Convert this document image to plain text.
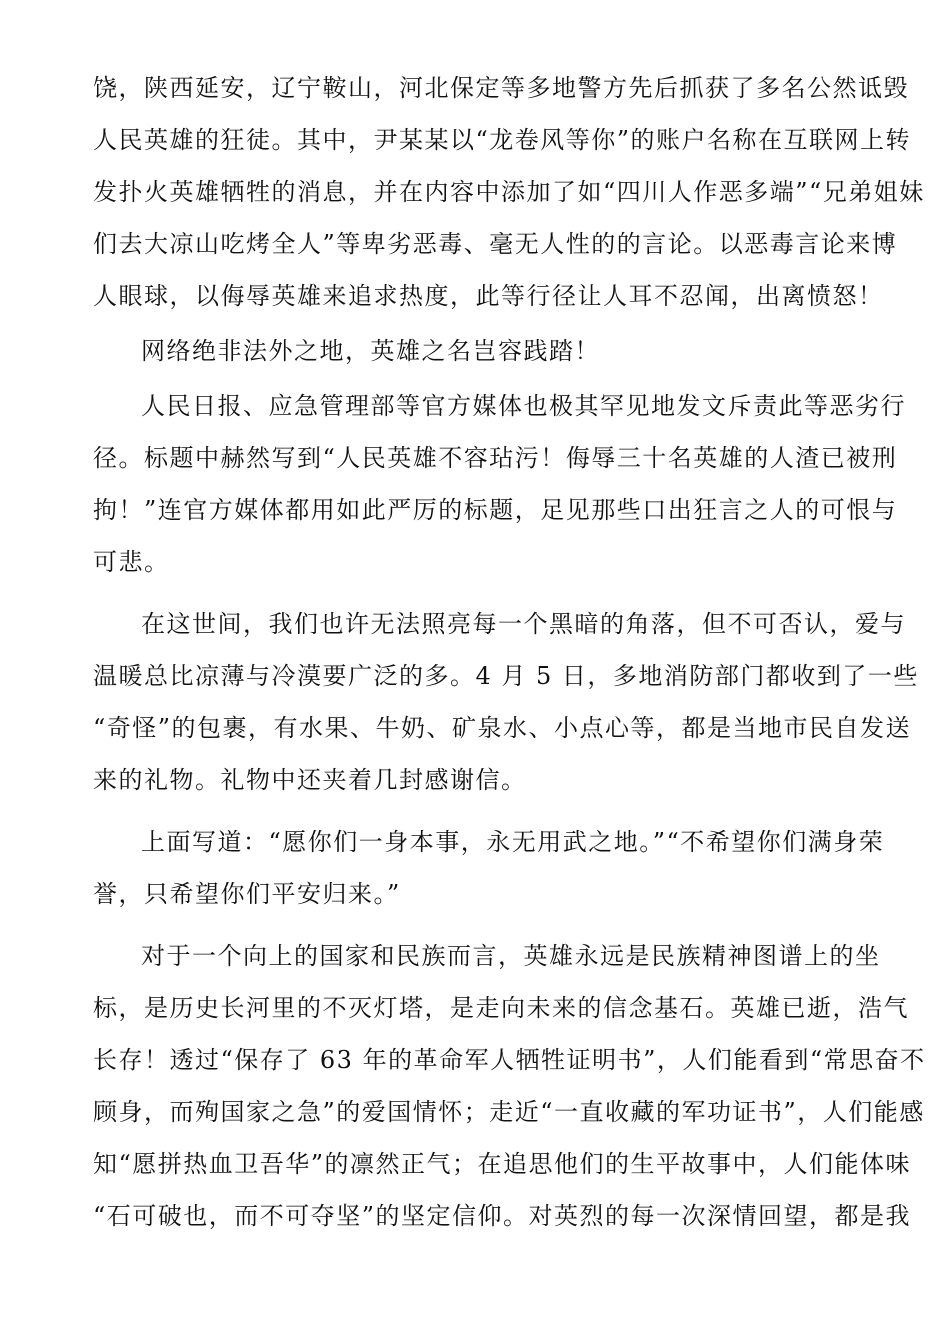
饶，陕西延安，辽宁鞍山，河北保定等多地警方先后抓获了多名公然诋毁
人民英雄的狂徒。其中，尹某某以“龙卷风等你”的账户名称在互联网上转
发扑火英雄牺牲的消息，并在内容中添加了如“四川人作恶多端”“兄弟姐妹
们去大凉山吃烤全人”等卑劣恶毒、毫无人性的的言论。以恶毒言论来博
人眼球，以侮辱英雄来追求热度，此等行径让人耳不忍闻，出离愤怒！
网络绝非法外之地，英雄之名岂容践踏！
人民日报、应急管理部等官方媒体也极其罕见地发文斥责此等恶劣行
径。标题中赫然写到“人民英雄不容玷污！侮辱三十名英雄的人渣已被刑
拘！”连官方媒体都用如此严厉的标题，足见那些口出狂言之人的可恨与
可悲。
在这世间，我们也许无法照亮每一个黑暗的角落，但不可否认，爱与
温暖总比凉薄与冷漠要广泛的多。4 月 5 日，多地消防部门都收到了一些
“奇怪”的包裹，有水果、牛奶、矿泉水、小点心等，都是当地市民自发送
来的礼物。礼物中还夹着几封感谢信。
上面写道：“愿你们一身本事，永无用武之地。”“不希望你们满身荣
誉，只希望你们平安归来。”
对于一个向上的国家和民族而言，英雄永远是民族精神图谱上的坐
标，是历史长河里的不灭灯塔，是走向未来的信念基石。英雄已逝，浩气
长存！透过“保存了 63 年的革命军人牺牲证明书”，人们能看到“常思奋不
顾身，而殉国家之急”的爱国情怀；走近“一直收藏的军功证书”，人们能感
知“愿拼热血卫吾华”的凛然正气；在追思他们的生平故事中，人们能体味
“石可破也，而不可夺坚”的坚定信仰。对英烈的每一次深情回望，都是我
